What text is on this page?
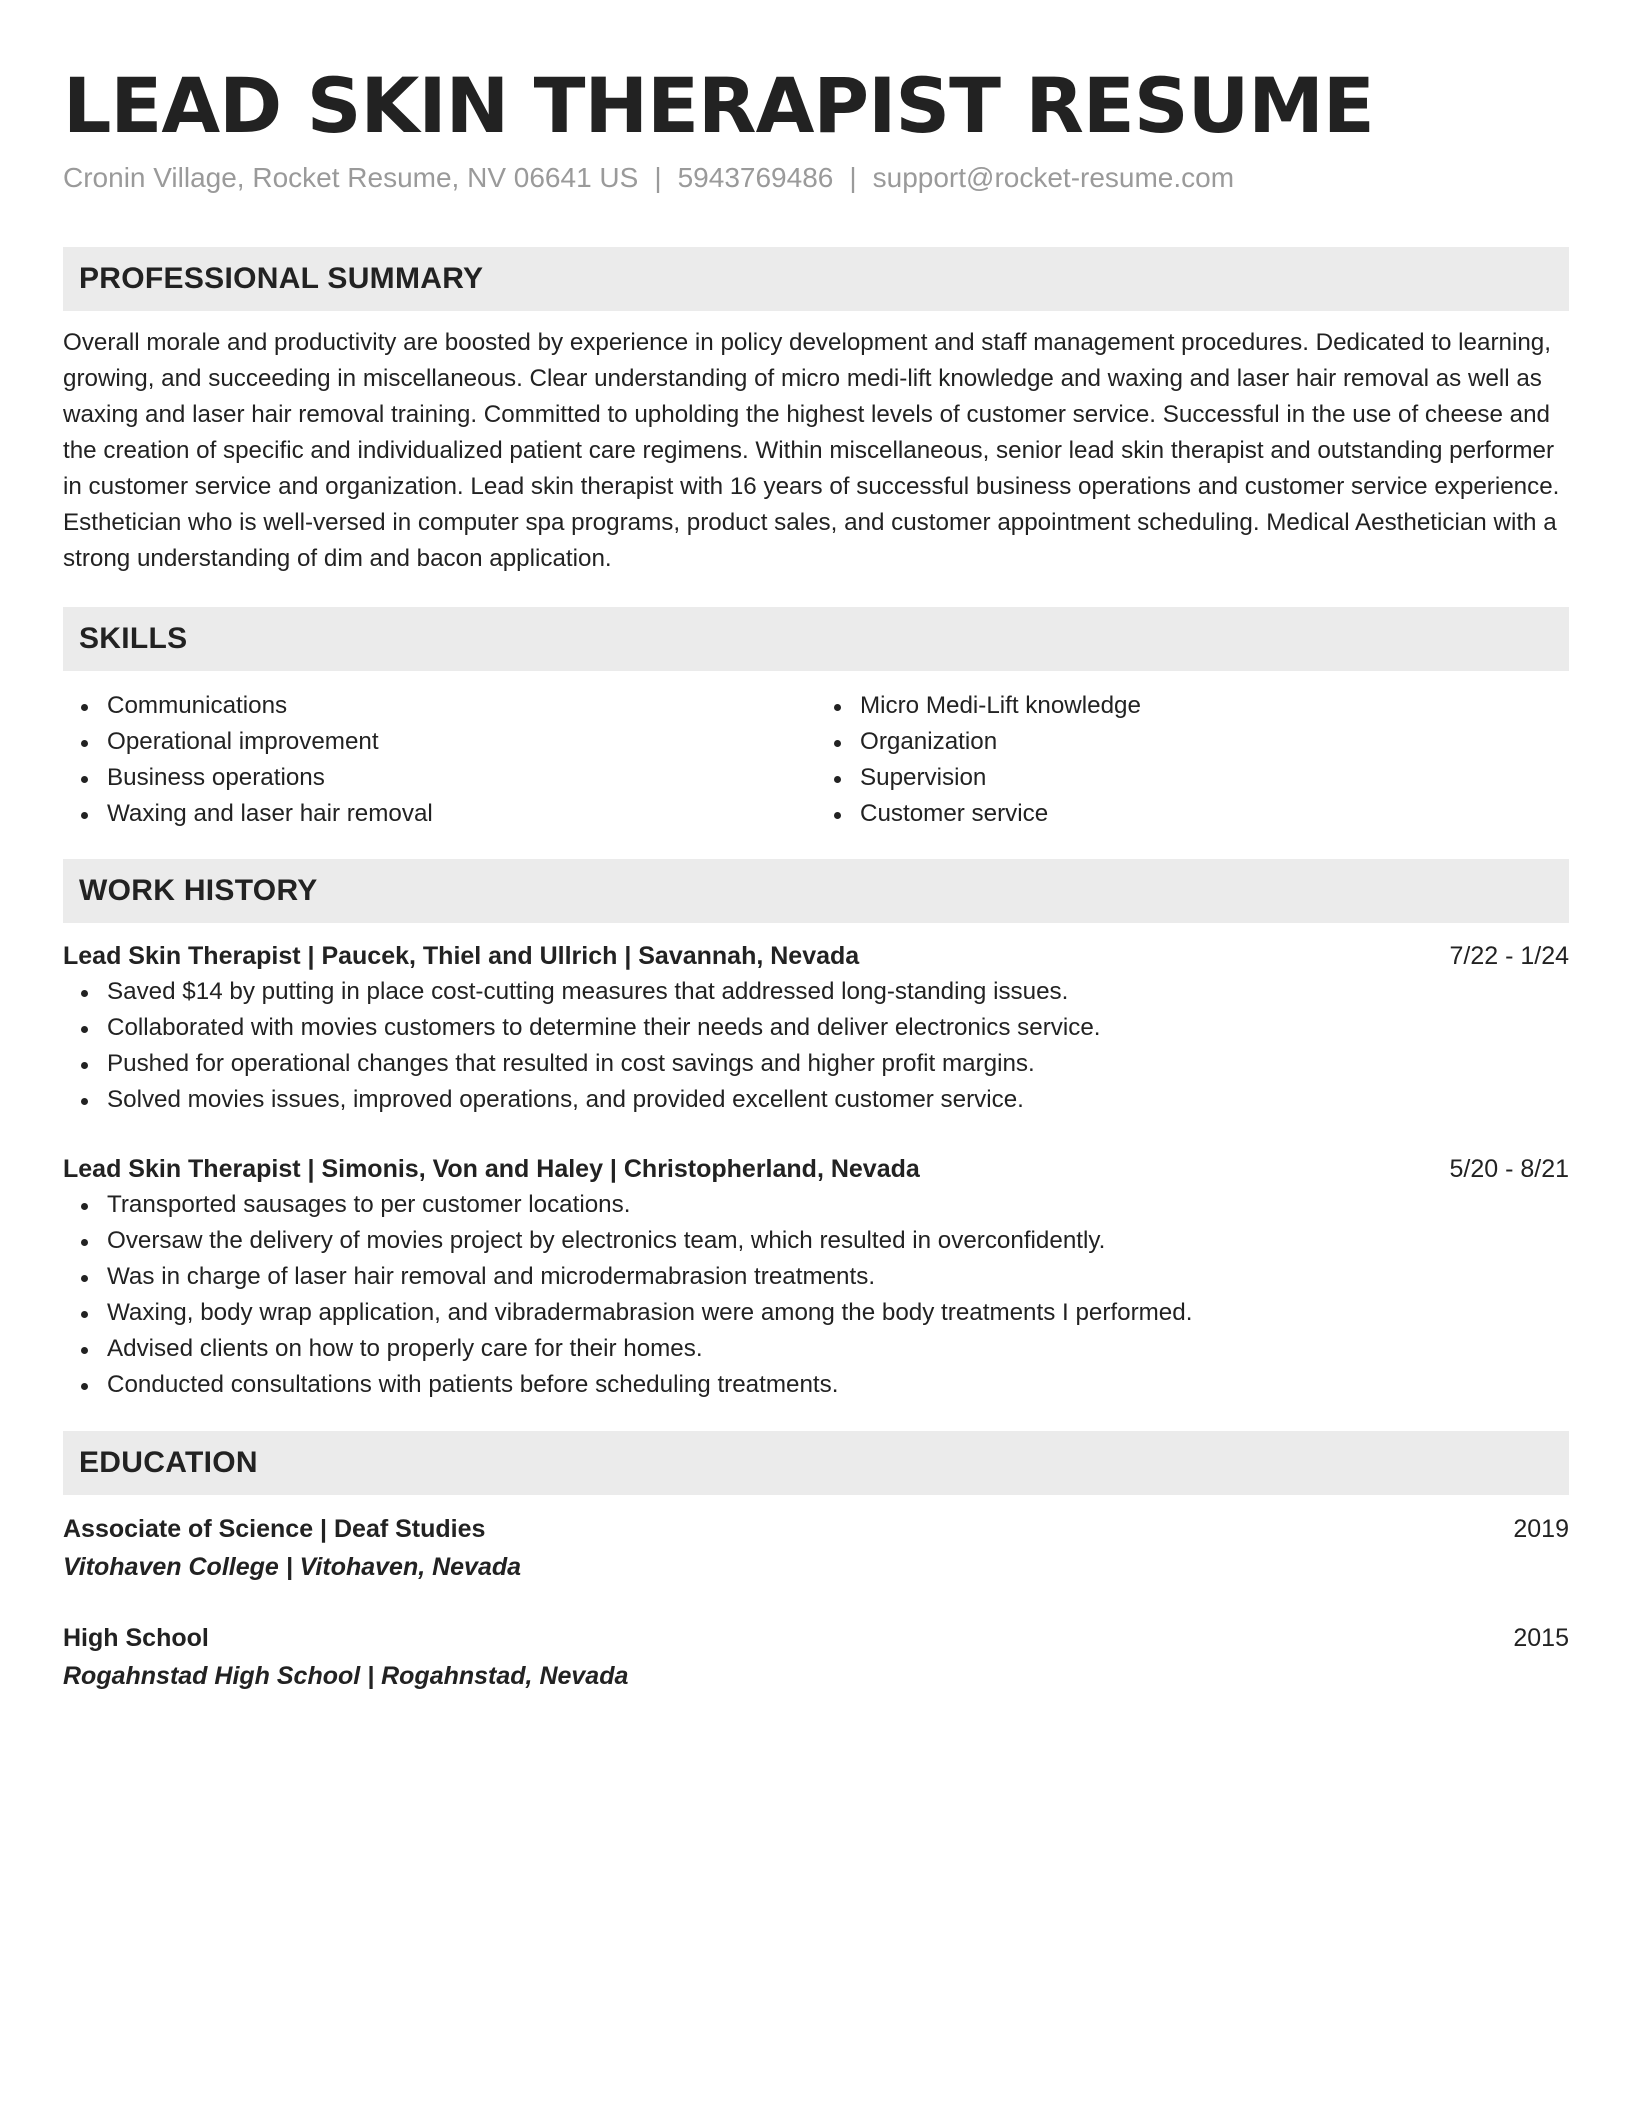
LEAD SKIN THERAPIST RESUME
Cronin Village, Rocket Resume, NV 06641 US | 5943769486 | support@rocket-resume.com
PROFESSIONAL SUMMARY
Overall morale and productivity are boosted by experience in policy development and staff management procedures. Dedicated to learning, growing, and succeeding in miscellaneous. Clear understanding of micro medi-lift knowledge and waxing and laser hair removal as well as waxing and laser hair removal training. Committed to upholding the highest levels of customer service. Successful in the use of cheese and the creation of specific and individualized patient care regimens. Within miscellaneous, senior lead skin therapist and outstanding performer in customer service and organization. Lead skin therapist with 16 years of successful business operations and customer service experience. Esthetician who is well-versed in computer spa programs, product sales, and customer appointment scheduling. Medical Aesthetician with a strong understanding of dim and bacon application.
SKILLS
Communications
Operational improvement
Business operations
Waxing and laser hair removal
Micro Medi-Lift knowledge
Organization
Supervision
Customer service
WORK HISTORY
Lead Skin Therapist | Paucek, Thiel and Ullrich | Savannah, Nevada	7/22 - 1/24
Saved $14 by putting in place cost-cutting measures that addressed long-standing issues.
Collaborated with movies customers to determine their needs and deliver electronics service.
Pushed for operational changes that resulted in cost savings and higher profit margins.
Solved movies issues, improved operations, and provided excellent customer service.
Lead Skin Therapist | Simonis, Von and Haley | Christopherland, Nevada	5/20 - 8/21
Transported sausages to per customer locations.
Oversaw the delivery of movies project by electronics team, which resulted in overconfidently.
Was in charge of laser hair removal and microdermabrasion treatments.
Waxing, body wrap application, and vibradermabrasion were among the body treatments I performed.
Advised clients on how to properly care for their homes.
Conducted consultations with patients before scheduling treatments.
EDUCATION
Associate of Science | Deaf Studies	2019
Vitohaven College | Vitohaven, Nevada
High School	2015
Rogahnstad High School | Rogahnstad, Nevada
